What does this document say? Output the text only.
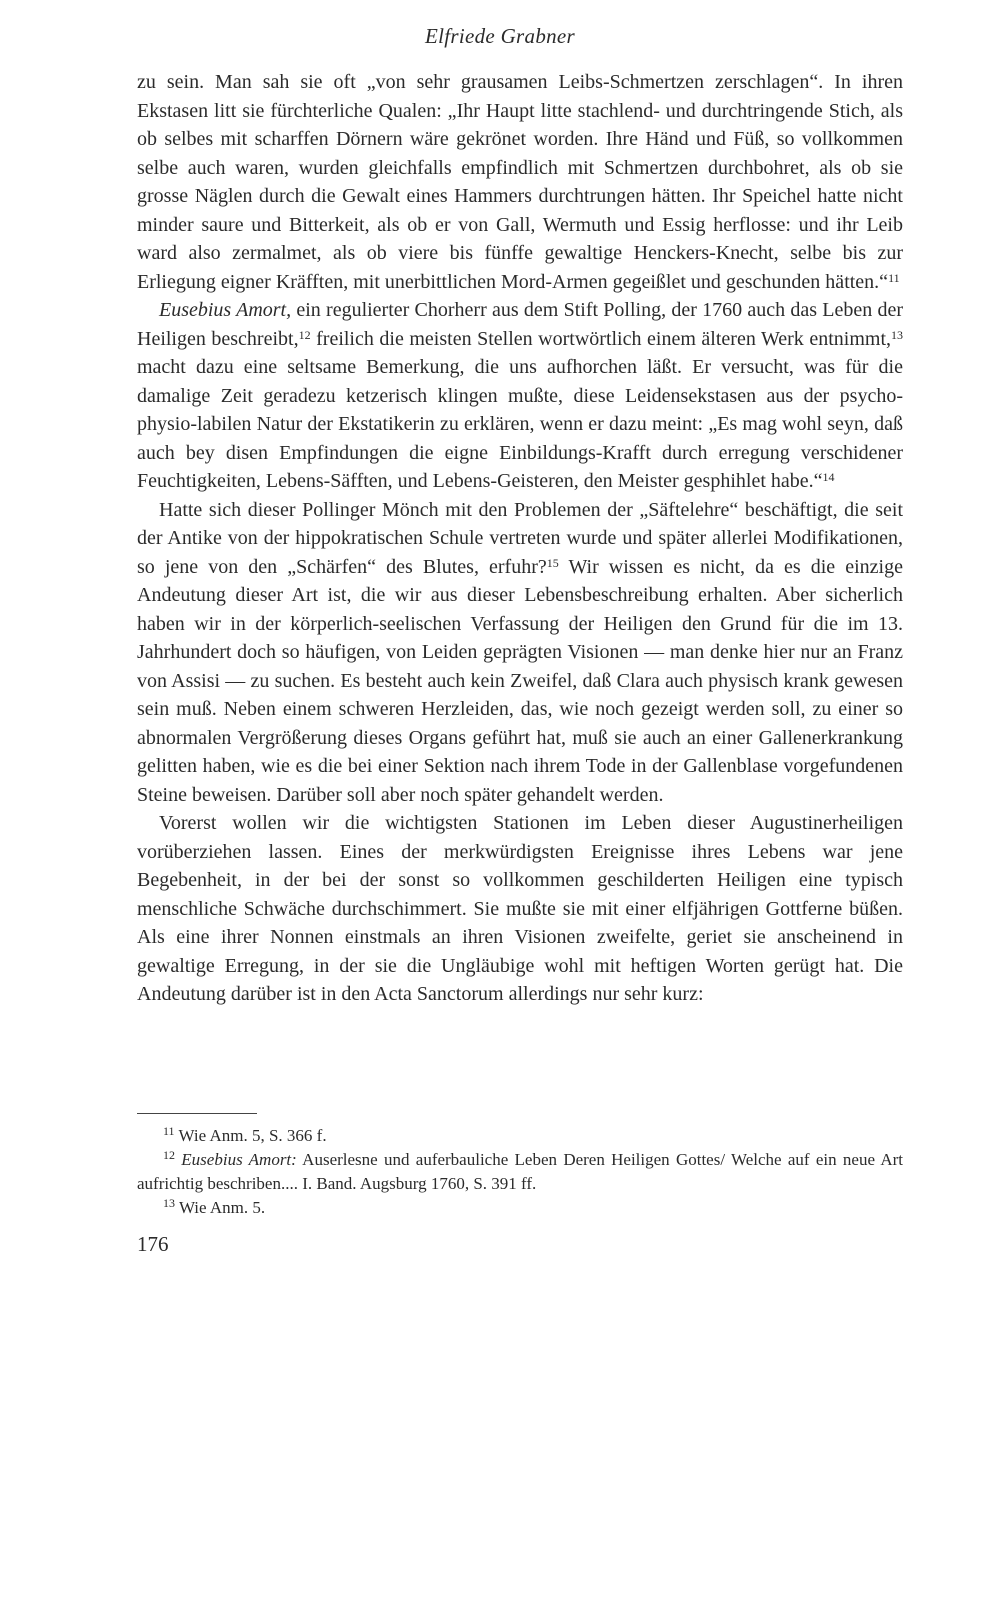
Elfriede Grabner

zu sein. Man sah sie oft „von sehr grausamen Leibs-Schmertzen zerschlagen“. In ihren Ekstasen litt sie fürchterliche Qualen: „Ihr Haupt litte stachlend- und durchtringende Stich, als ob selbes mit scharffen Dörnern wäre gekrönet worden. Ihre Händ und Füß, so vollkommen selbe auch waren, wurden gleichfalls empfindlich mit Schmertzen durchbohret, als ob sie grosse Näglen durch die Gewalt eines Hammers durchtrungen hätten. Ihr Speichel hatte nicht minder saure und Bitterkeit, als ob er von Gall, Wermuth und Essig herflosse: und ihr Leib ward also zermalmet, als ob viere bis fünffe gewaltige Henckers-Knecht, selbe bis zur Erliegung eigner Kräfften, mit unerbittlichen Mord-Armen gegeißlet und geschunden hätten.“$^{11}$

Eusebius Amort, ein regulierter Chorherr aus dem Stift Polling, der 1760 auch das Leben der Heiligen beschreibt,$^{12}$ freilich die meisten Stellen wortwörtlich einem älteren Werk entnimmt,$^{13}$ macht dazu eine seltsame Bemerkung, die uns aufhorchen läßt. Er versucht, was für die damalige Zeit geradezu ketzerisch klingen mußte, diese Leidensekstasen aus der psycho-physio-labilen Natur der Ekstatikerin zu erklären, wenn er dazu meint: „Es mag wohl seyn, daß auch bey disen Empfindungen die eigne Einbildungs-Krafft durch erregung verschidener Feuchtigkeiten, Lebens-Säfften, und Lebens-Geisteren, den Meister gesphihlet habe.“$^{14}$

Hatte sich dieser Pollinger Mönch mit den Problemen der „Säftelehre“ beschäftigt, die seit der Antike von der hippokratischen Schule vertreten wurde und später allerlei Modifikationen, so jene von den „Schärfen“ des Blutes, erfuhr?$^{15}$ Wir wissen es nicht, da es die einzige Andeutung dieser Art ist, die wir aus dieser Lebensbeschreibung erhalten. Aber sicherlich haben wir in der körperlich-seelischen Verfassung der Heiligen den Grund für die im 13. Jahrhundert doch so häufigen, von Leiden geprägten Visionen — man denke hier nur an Franz von Assisi — zu suchen. Es besteht auch kein Zweifel, daß Clara auch physisch krank gewesen sein muß. Neben einem schweren Herzleiden, das, wie noch gezeigt werden soll, zu einer so abnormalen Vergrößerung dieses Organs geführt hat, muß sie auch an einer Gallenerkrankung gelitten haben, wie es die bei einer Sektion nach ihrem Tode in der Gallenblase vorgefundenen Steine beweisen. Darüber soll aber noch später gehandelt werden.

Vorerst wollen wir die wichtigsten Stationen im Leben dieser Augustinerheiligen vorüberziehen lassen. Eines der merkwürdigsten Ereignisse ihres Lebens war jene Begebenheit, in der bei der sonst so vollkommen geschilderten Heiligen eine typisch menschliche Schwäche durchschimmert. Sie mußte sie mit einer elfjährigen Gottferne büßen. Als eine ihrer Nonnen einstmals an ihren Visionen zweifelte, geriet sie anscheinend in gewaltige Erregung, in der sie die Ungläubige wohl mit heftigen Worten gerügt hat. Die Andeutung darüber ist in den Acta Sanctorum allerdings nur sehr kurz:

$^{11}$ Wie Anm. 5, S. 366 f.

$^{12}$ Eusebius Amort: Auserlesne und auferbauliche Leben Deren Heiligen Gottes/ Welche auf ein neue Art aufrichtig beschriben.... I. Band. Augsburg 1760, S. 391 ff.

$^{13}$ Wie Anm. 5.

176
